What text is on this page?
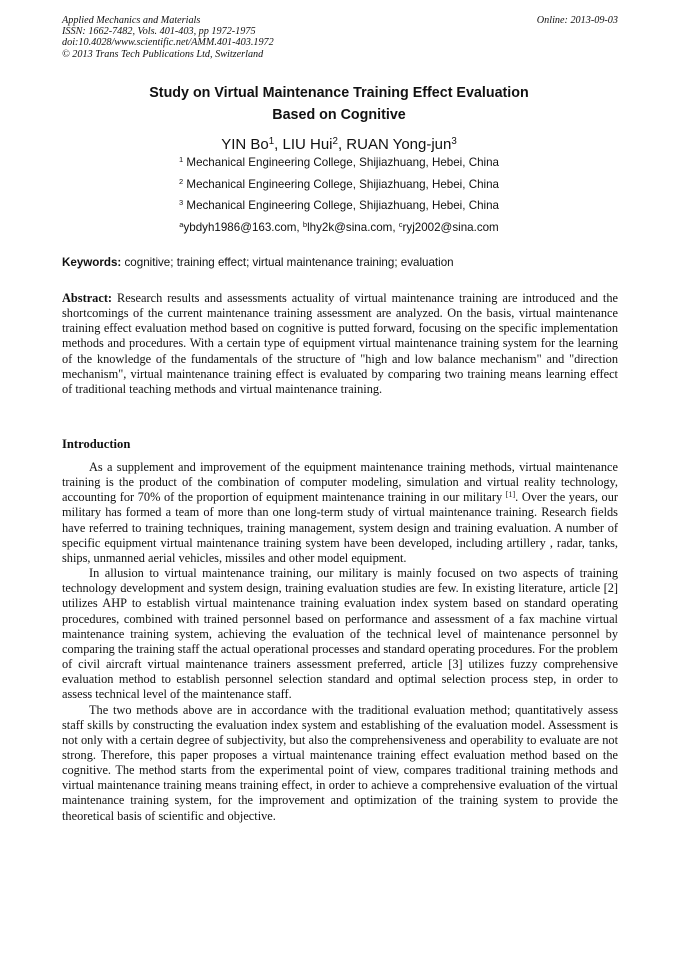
Applied Mechanics and Materials
ISSN: 1662-7482, Vols. 401-403, pp 1972-1975
doi:10.4028/www.scientific.net/AMM.401-403.1972
© 2013 Trans Tech Publications Ltd, Switzerland
Online: 2013-09-03
Study on Virtual Maintenance Training Effect Evaluation
Based on Cognitive
YIN Bo$^1$, LIU Hui$^2$, RUAN Yong-jun$^3$
$^1$ Mechanical Engineering College, Shijiazhuang, Hebei, China
$^2$ Mechanical Engineering College, Shijiazhuang, Hebei, China
$^3$ Mechanical Engineering College, Shijiazhuang, Hebei, China
$^a$ybdyh1986@163.com, $^b$lhy2k@sina.com, $^c$ryj2002@sina.com
Keywords: cognitive; training effect; virtual maintenance training; evaluation

Abstract: Research results and assessments actuality of virtual maintenance training are introduced and the shortcomings of the current maintenance training assessment are analyzed. On the basis, virtual maintenance training effect evaluation method based on cognitive is putted forward, focusing on the specific implementation methods and procedures. With a certain type of equipment virtual maintenance training system for the learning of the knowledge of the fundamentals of the structure of "high and low balance mechanism" and "direction mechanism", virtual maintenance training effect is evaluated by comparing two training means learning effect of traditional teaching methods and virtual maintenance training.

Introduction

As a supplement and improvement of the equipment maintenance training methods, virtual maintenance training is the product of the combination of computer modeling, simulation and virtual reality technology, accounting for 70% of the proportion of equipment maintenance training in our military [1]. Over the years, our military has formed a team of more than one long-term study of virtual maintenance training. Research fields have referred to training techniques, training management, system design and training evaluation. A number of specific equipment virtual maintenance training system have been developed, including artillery , radar, tanks, ships, unmanned aerial vehicles, missiles and other model equipment.

In allusion to virtual maintenance training, our military is mainly focused on two aspects of training technology development and system design, training evaluation studies are few. In existing literature, article [2] utilizes AHP to establish virtual maintenance training evaluation index system based on standard operating procedures, combined with trained personnel based on performance and assessment of a fax machine virtual maintenance training system, achieving the evaluation of the technical level of maintenance personnel by comparing the training staff the actual operational processes and standard operating procedures. For the problem of civil aircraft virtual maintenance trainers assessment preferred, article [3] utilizes fuzzy comprehensive evaluation method to establish personnel selection standard and optimal selection process step, in order to assess technical level of the maintenance staff.

The two methods above are in accordance with the traditional evaluation method; quantitatively assess staff skills by constructing the evaluation index system and establishing of the evaluation model. Assessment is not only with a certain degree of subjectivity, but also the comprehensiveness and operability to evaluate are not strong. Therefore, this paper proposes a virtual maintenance training effect evaluation method based on the cognitive. The method starts from the experimental point of view, compares traditional training methods and virtual maintenance training means training effect, in order to achieve a comprehensive evaluation of the virtual maintenance training system, for the improvement and optimization of the training system to provide the theoretical basis of scientific and objective.
